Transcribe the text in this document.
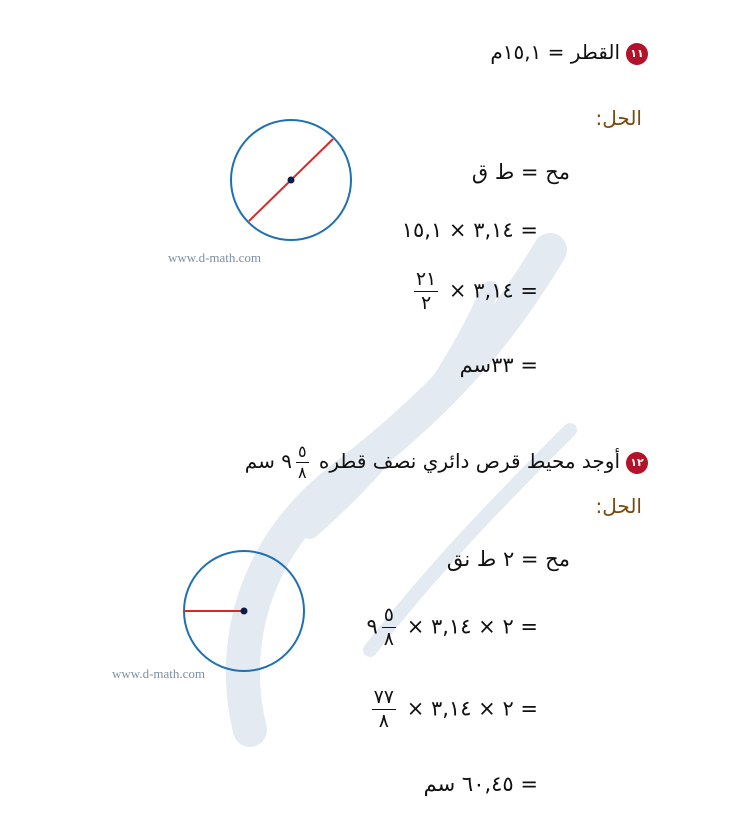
١١القطر = ١٥,١م
الحل:
www.d-math.com
مح = ط ق
= ٣,١٤ × ١٥,١
= ٣,١٤ ×
$\frac{٢١}{٢}$
= ٣٣سم
١٢أوجد محيط قرص دائري نصف قطره
$\frac{٥}{٨}$
٩ سم
الحل:
www.d-math.com
مح = ٢ ط نق
= ٢ × ٣,١٤ ×
$\frac{٥}{٨}$
٩
= ٢ × ٣,١٤ ×
$\frac{٧٧}{٨}$
= ٦٠,٤٥ سم
